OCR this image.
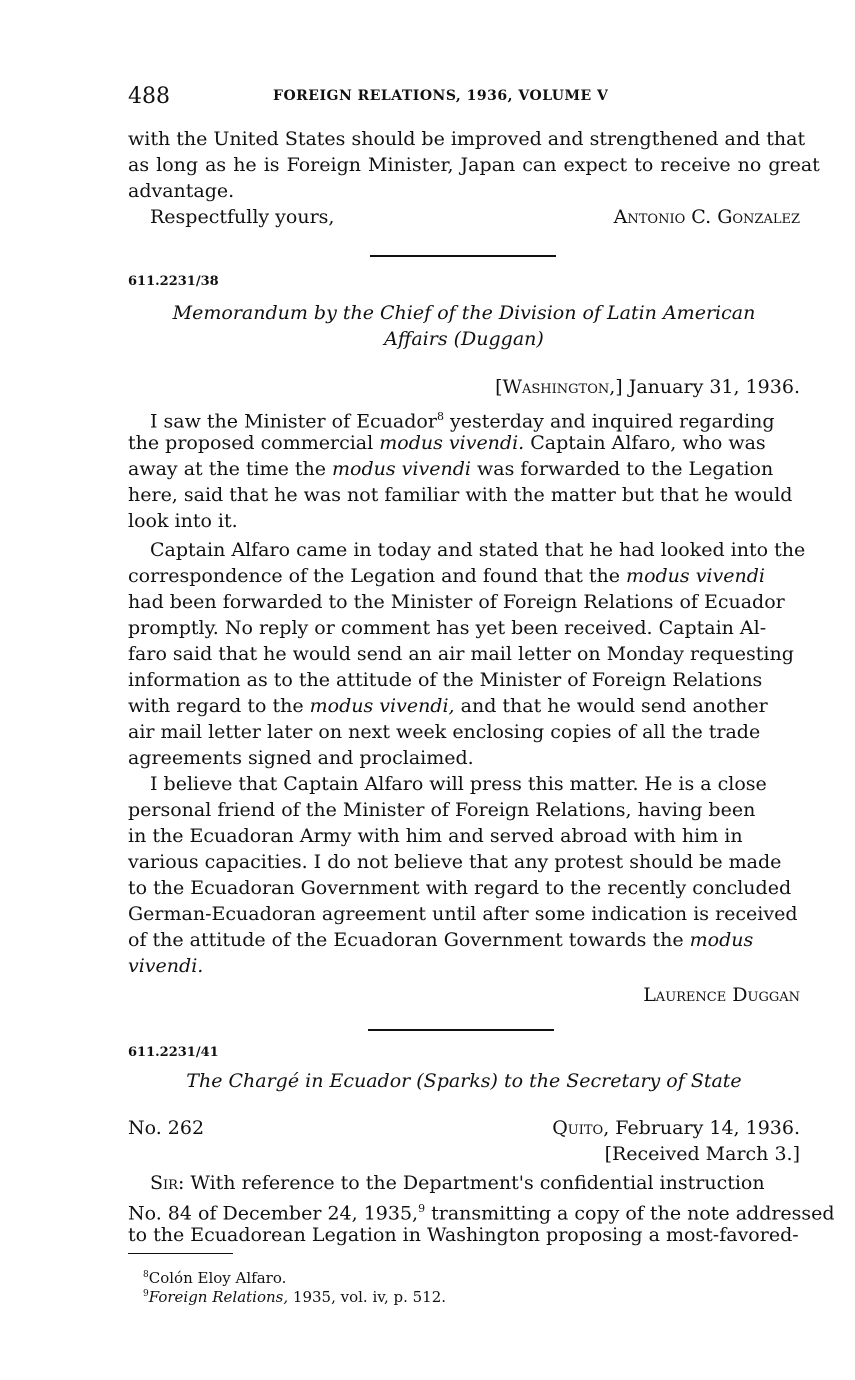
488	FOREIGN RELATIONS, 1936, VOLUME V
with the United States should be improved and strengthened and that
as long as he is Foreign Minister, Japan can expect to receive no great
advantage.
Respectfully yours,	Antonio C. Gonzalez
611.2231/38
Memorandum by the Chief of the Division of Latin American
Affairs (Duggan)
[Washington,] January 31, 1936.
I saw the Minister of Ecuador$^8$ yesterday and inquired regarding
the proposed commercial modus vivendi. Captain Alfaro, who was
away at the time the modus vivendi was forwarded to the Legation
here, said that he was not familiar with the matter but that he would
look into it.
Captain Alfaro came in today and stated that he had looked into the
correspondence of the Legation and found that the modus vivendi
had been forwarded to the Minister of Foreign Relations of Ecuador
promptly. No reply or comment has yet been received. Captain Al-
faro said that he would send an air mail letter on Monday requesting
information as to the attitude of the Minister of Foreign Relations
with regard to the modus vivendi, and that he would send another
air mail letter later on next week enclosing copies of all the trade
agreements signed and proclaimed.
I believe that Captain Alfaro will press this matter. He is a close
personal friend of the Minister of Foreign Relations, having been
in the Ecuadoran Army with him and served abroad with him in
various capacities. I do not believe that any protest should be made
to the Ecuadoran Government with regard to the recently concluded
German-Ecuadoran agreement until after some indication is received
of the attitude of the Ecuadoran Government towards the modus
vivendi.
Laurence Duggan
611.2231/41
The Chargé in Ecuador (Sparks) to the Secretary of State
No. 262	Quito, February 14, 1936.
[Received March 3.]
Sir: With reference to the Department's confidential instruction
No. 84 of December 24, 1935,$^9$ transmitting a copy of the note addressed
to the Ecuadorean Legation in Washington proposing a most-favored-
$^8$Colón Eloy Alfaro.
$^9$Foreign Relations, 1935, vol. iv, p. 512.
